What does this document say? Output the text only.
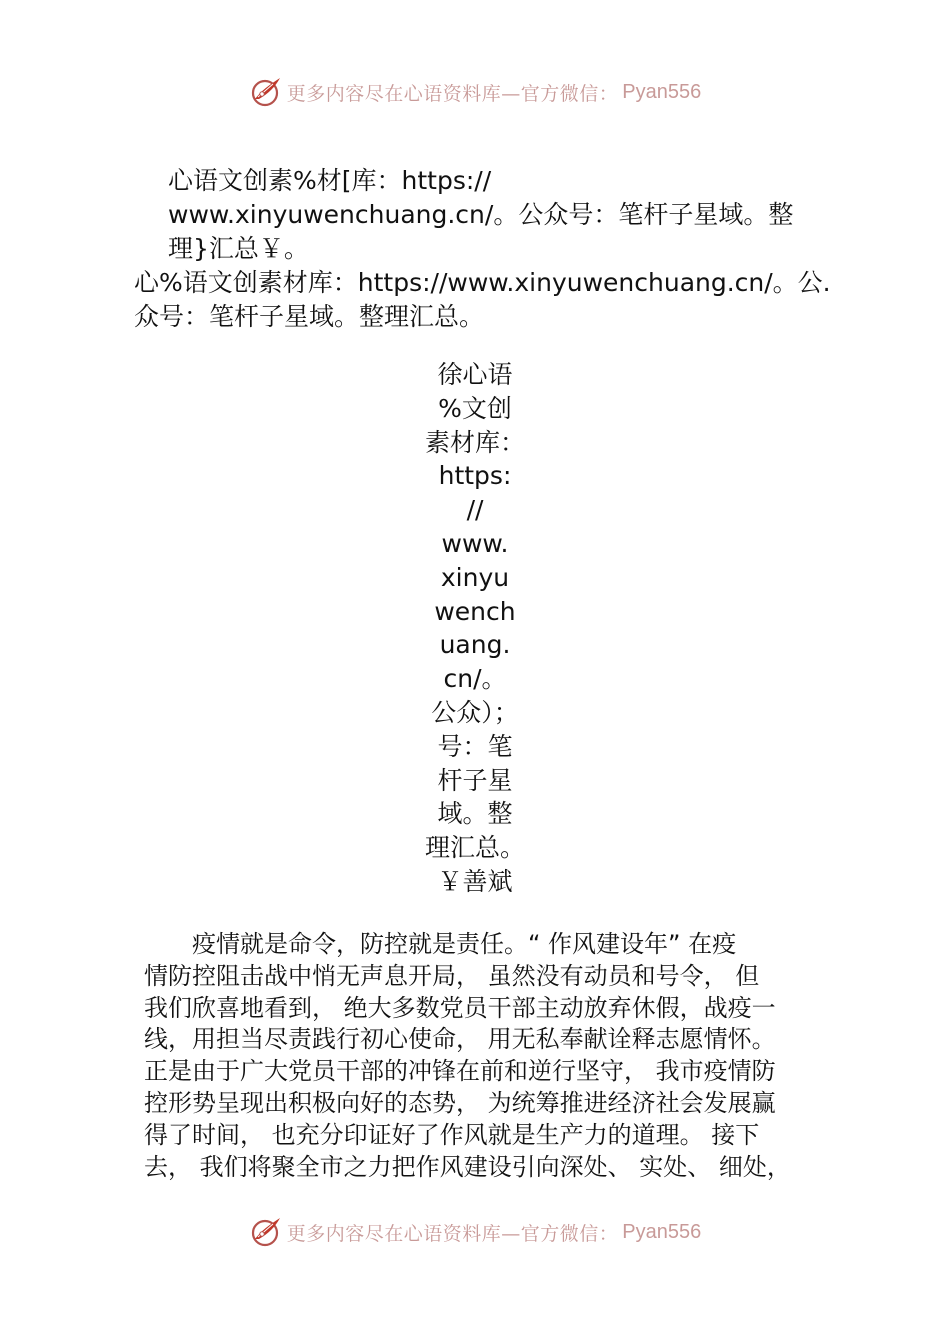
更多内容尽在心语资料库—官方微信： Pyan556
心语文创素%材[库：https://
www.xinyuwenchuang.cn/。公众号：笔杆子星域。整
理}汇总￥。
心%语文创素材库：https://www.xinyuwenchuang.cn/。公.
众号：笔杆子星域。整理汇总。
徐心语
%文创
素材库：
https:
//
www.
xinyu
wench
uang.
cn/。
公众）；
号：笔
杆子星
域。整
理汇总。
￥善斌
　　疫情就是命令，防控就是责任。“ 作风建设年” 在疫
情防控阻击战中悄无声息开局， 虽然没有动员和号令， 但
我们欣喜地看到， 绝大多数党员干部主动放弃休假，战疫一
线，用担当尽责践行初心使命， 用无私奉献诠释志愿情怀。
正是由于广大党员干部的冲锋在前和逆行坚守， 我市疫情防
控形势呈现出积极向好的态势， 为统筹推进经济社会发展赢
得了时间， 也充分印证好了作风就是生产力的道理。 接下
去， 我们将聚全市之力把作风建设引向深处、 实处、 细处，
更多内容尽在心语资料库—官方微信： Pyan556
